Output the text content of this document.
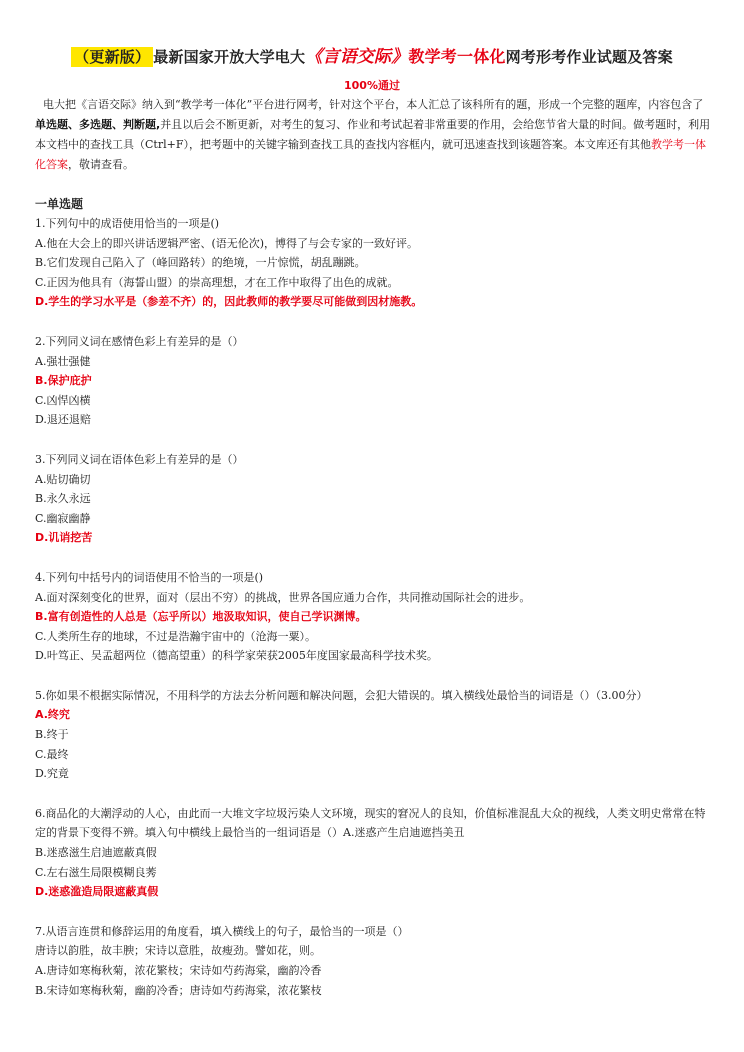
（更新版） 最新国家开放大学电大《言语交际》教学考一体化网考形考作业试题及答案
100%通过
电大把《言语交际》纳入到“教学考一体化”平台进行网考，针对这个平台，本人汇总了该科所有的题，形成一个完整的题库，内容包含了单选题、多选题、判断题,并且以后会不断更新，对考生的复习、作业和考试起着非常重要的作用，会给您节省大量的时间。做考题时，利用本文档中的查找工具（Ctrl+F），把考题中的关键字输到查找工具的查找内容框内，就可迅速查找到该题答案。本文库还有其他教学考一体化答案，敬请查看。
一单选题
1.下列句中的成语使用恰当的一项是()
A.他在大会上的即兴讲话逻辑严密、(语无伦次)，博得了与会专家的一致好评。
B.它们发现自己陷入了（峰回路转）的绝境，一片惊慌，胡乱蹦跳。
C.正因为他具有（海誓山盟）的崇高理想，才在工作中取得了出色的成就。
D.学生的学习水平是（参差不齐）的，因此教师的教学要尽可能做到因材施教。
2.下列同义词在感情色彩上有差异的是（）
A.强壮强健
B.保护庇护
C.凶悍凶横
D.退还退赔
3.下列同义词在语体色彩上有差异的是（）
A.贴切确切
B.永久永远
C.幽寂幽静
D.讥诮挖苦
4.下列句中括号内的词语使用不恰当的一项是()
A.面对深刻变化的世界，面对（层出不穷）的挑战，世界各国应通力合作，共同推动国际社会的进步。
B.富有创造性的人总是（忘乎所以）地汲取知识，使自己学识渊博。
C.人类所生存的地球，不过是浩瀚宇宙中的（沧海一粟）。
D.叶笃正、吴孟超两位（德高望重）的科学家荣获2005年度国家最高科学技术奖。
5.你如果不根据实际情况，不用科学的方法去分析问题和解决问题，会犯大错误的。填入横线处最恰当的词语是（）（3.00分）
A.终究
B.终于
C.最终
D.究竟
6.商品化的大潮浮动的人心，由此而一大堆文字垃圾污染人文环境，现实的窘况人的良知，价值标准混乱大众的视线，人类文明史常常在特定的背景下变得不辨。填入句中横线上最恰当的一组词语是（）A.迷惑产生启迪遮挡美丑
B.迷惑滋生启迪遮蔽真假
C.左右滋生局限模糊良莠
D.迷惑滥造局限遮蔽真假
7.从语言连贯和修辞运用的角度看，填入横线上的句子，最恰当的一项是（）
唐诗以韵胜，故丰腴；宋诗以意胜，故瘦劲。譬如花，则。
A.唐诗如寒梅秋菊，浓花繁枝；宋诗如芍药海棠，幽韵冷香
B.宋诗如寒梅秋菊，幽韵冷香；唐诗如芍药海棠，浓花繁枝
